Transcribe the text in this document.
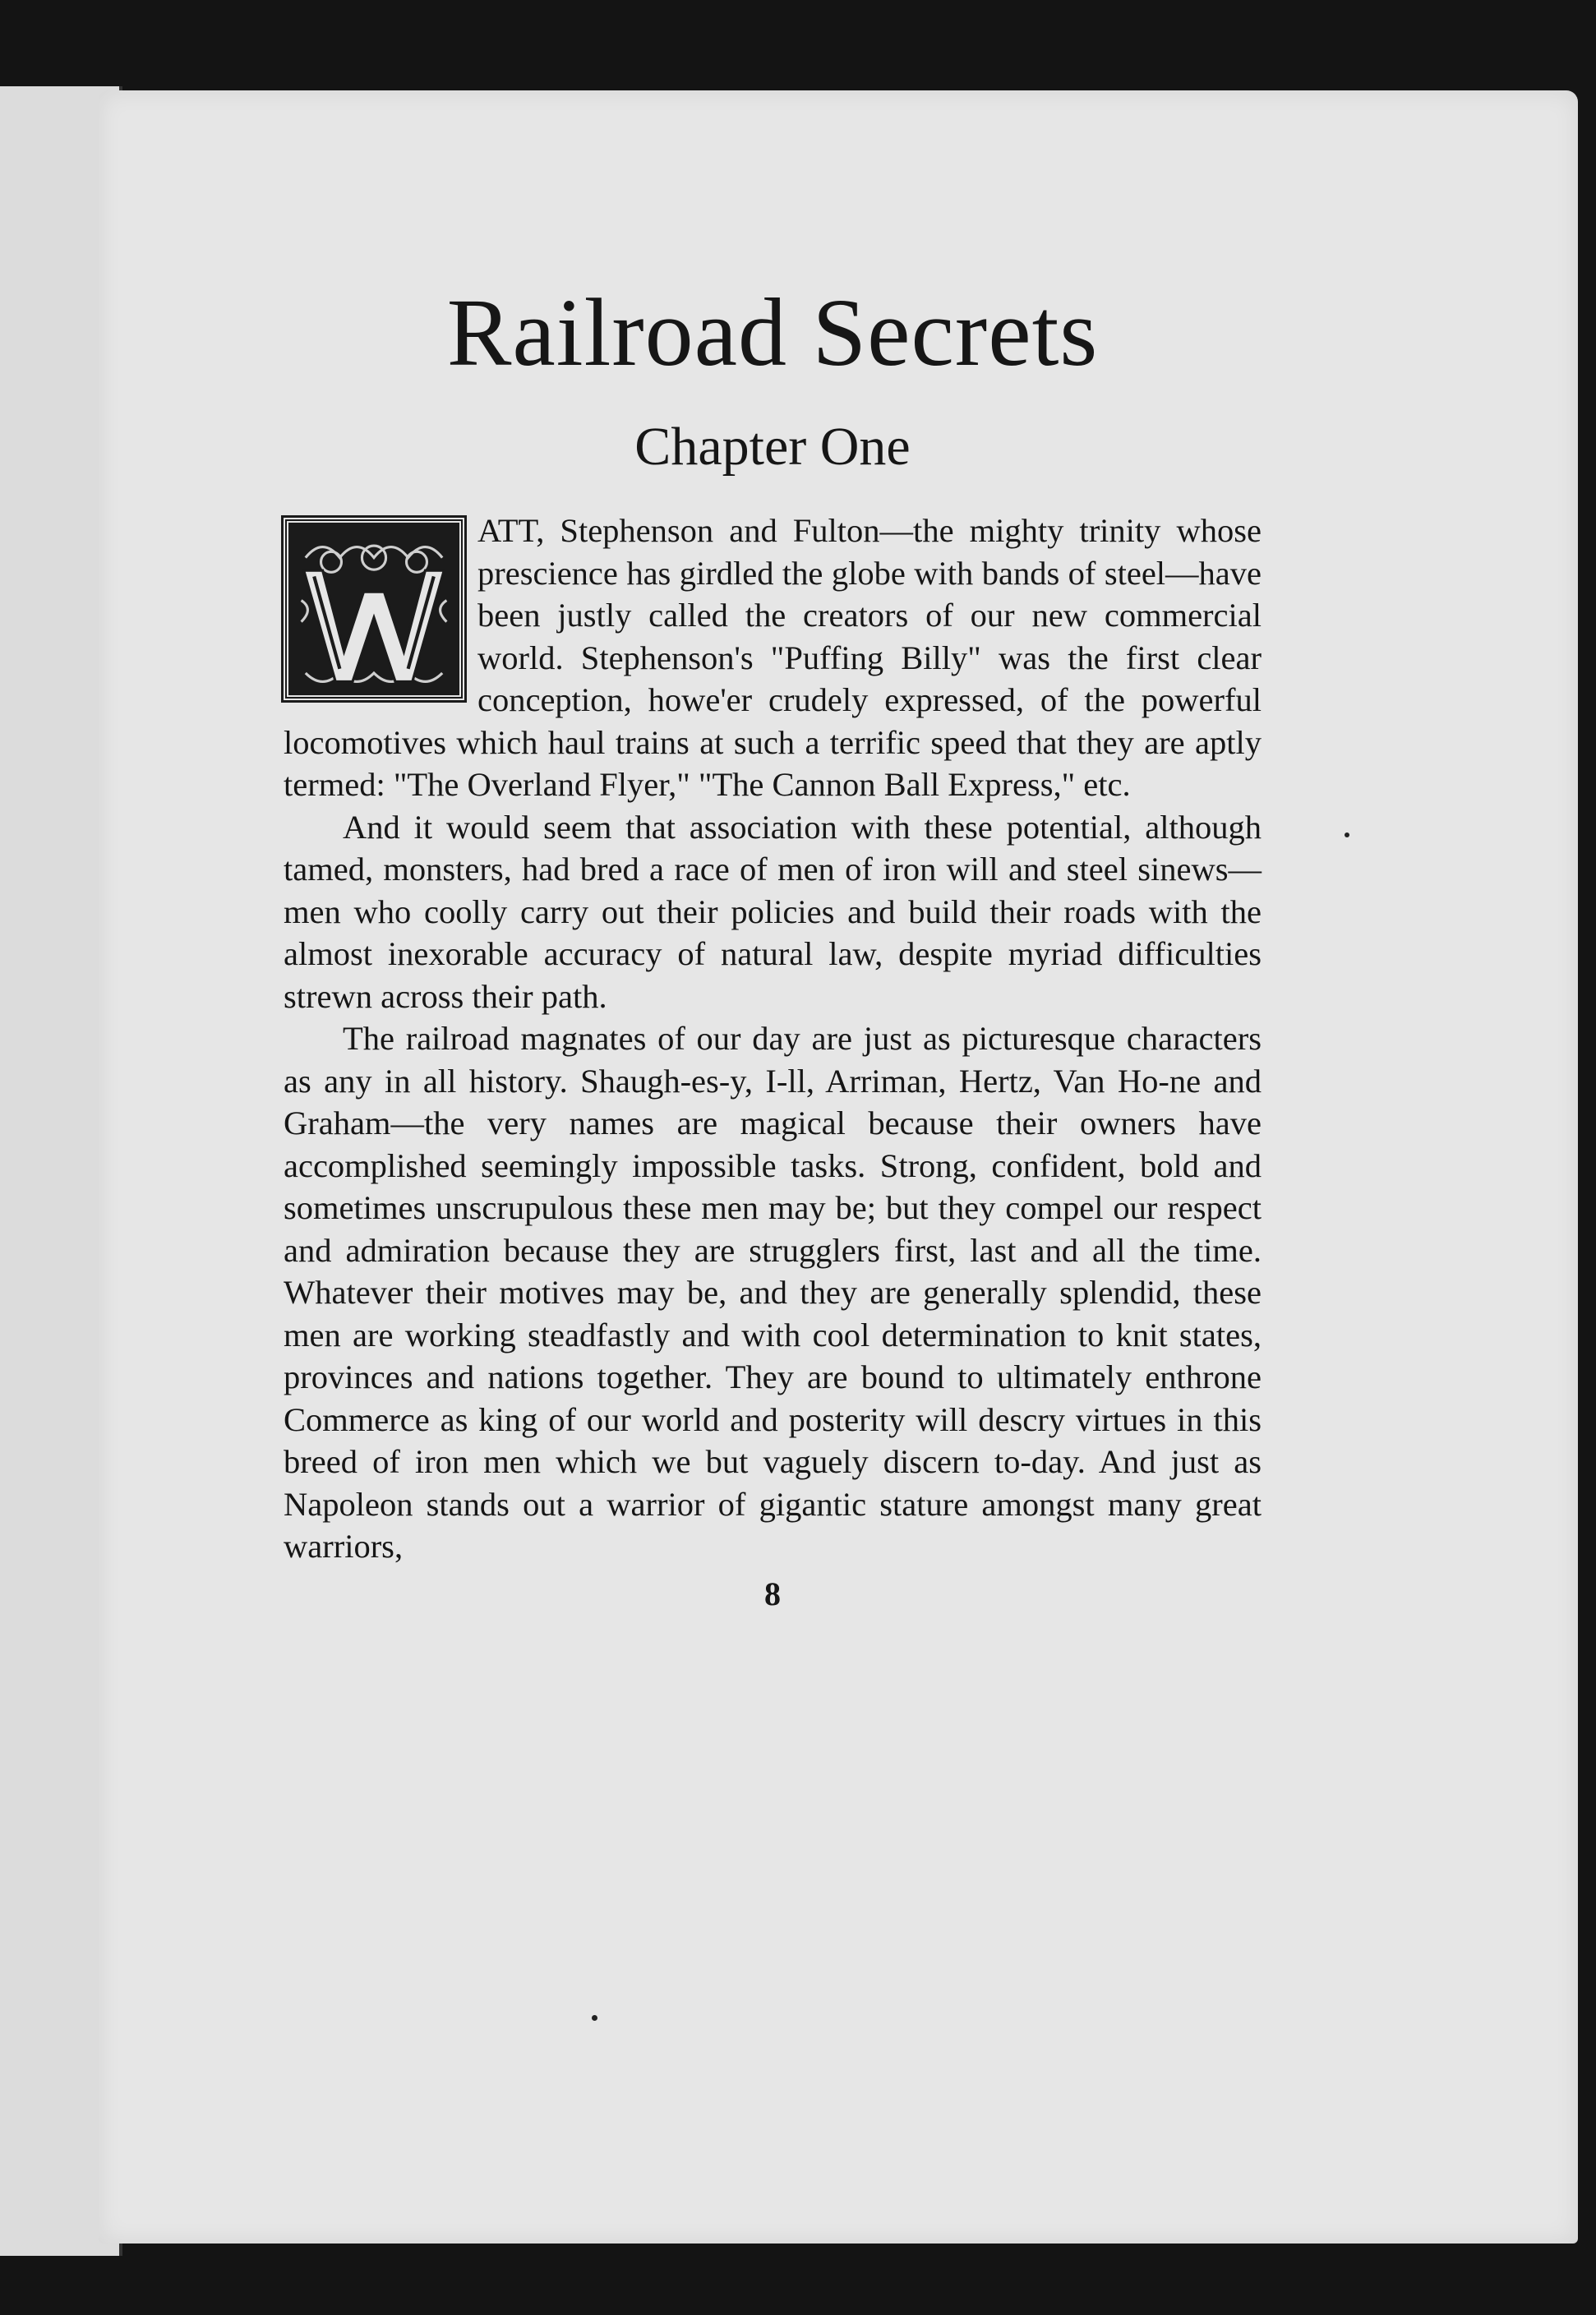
Railroad Secrets
Chapter One

ATT, Stephenson and Fulton—the mighty trinity whose prescience has girdled the globe with bands of steel—have been justly called the creators of our new commercial world. Stephenson's "Puffing Billy" was the first clear conception, howe'er crudely expressed, of the powerful locomotives which haul trains at such a terrific speed that they are aptly termed: "The Overland Flyer," "The Cannon Ball Express," etc.

And it would seem that association with these potential, although tamed, monsters, had bred a race of men of iron will and steel sinews—men who coolly carry out their policies and build their roads with the almost inexorable accuracy of natural law, despite myriad difficulties strewn across their path.

The railroad magnates of our day are just as picturesque characters as any in all history. Shaugh-es-y, I-ll, Arriman, Hertz, Van Ho-ne and Graham—the very names are magical because their owners have accomplished seemingly impossible tasks. Strong, confident, bold and sometimes unscrupulous these men may be; but they compel our respect and admiration because they are strugglers first, last and all the time. Whatever their motives may be, and they are generally splendid, these men are working steadfastly and with cool determination to knit states, provinces and nations together. They are bound to ultimately enthrone Commerce as king of our world and posterity will descry virtues in this breed of iron men which we but vaguely discern to-day. And just as Napoleon stands out a warrior of gigantic stature amongst many great warriors,

8
